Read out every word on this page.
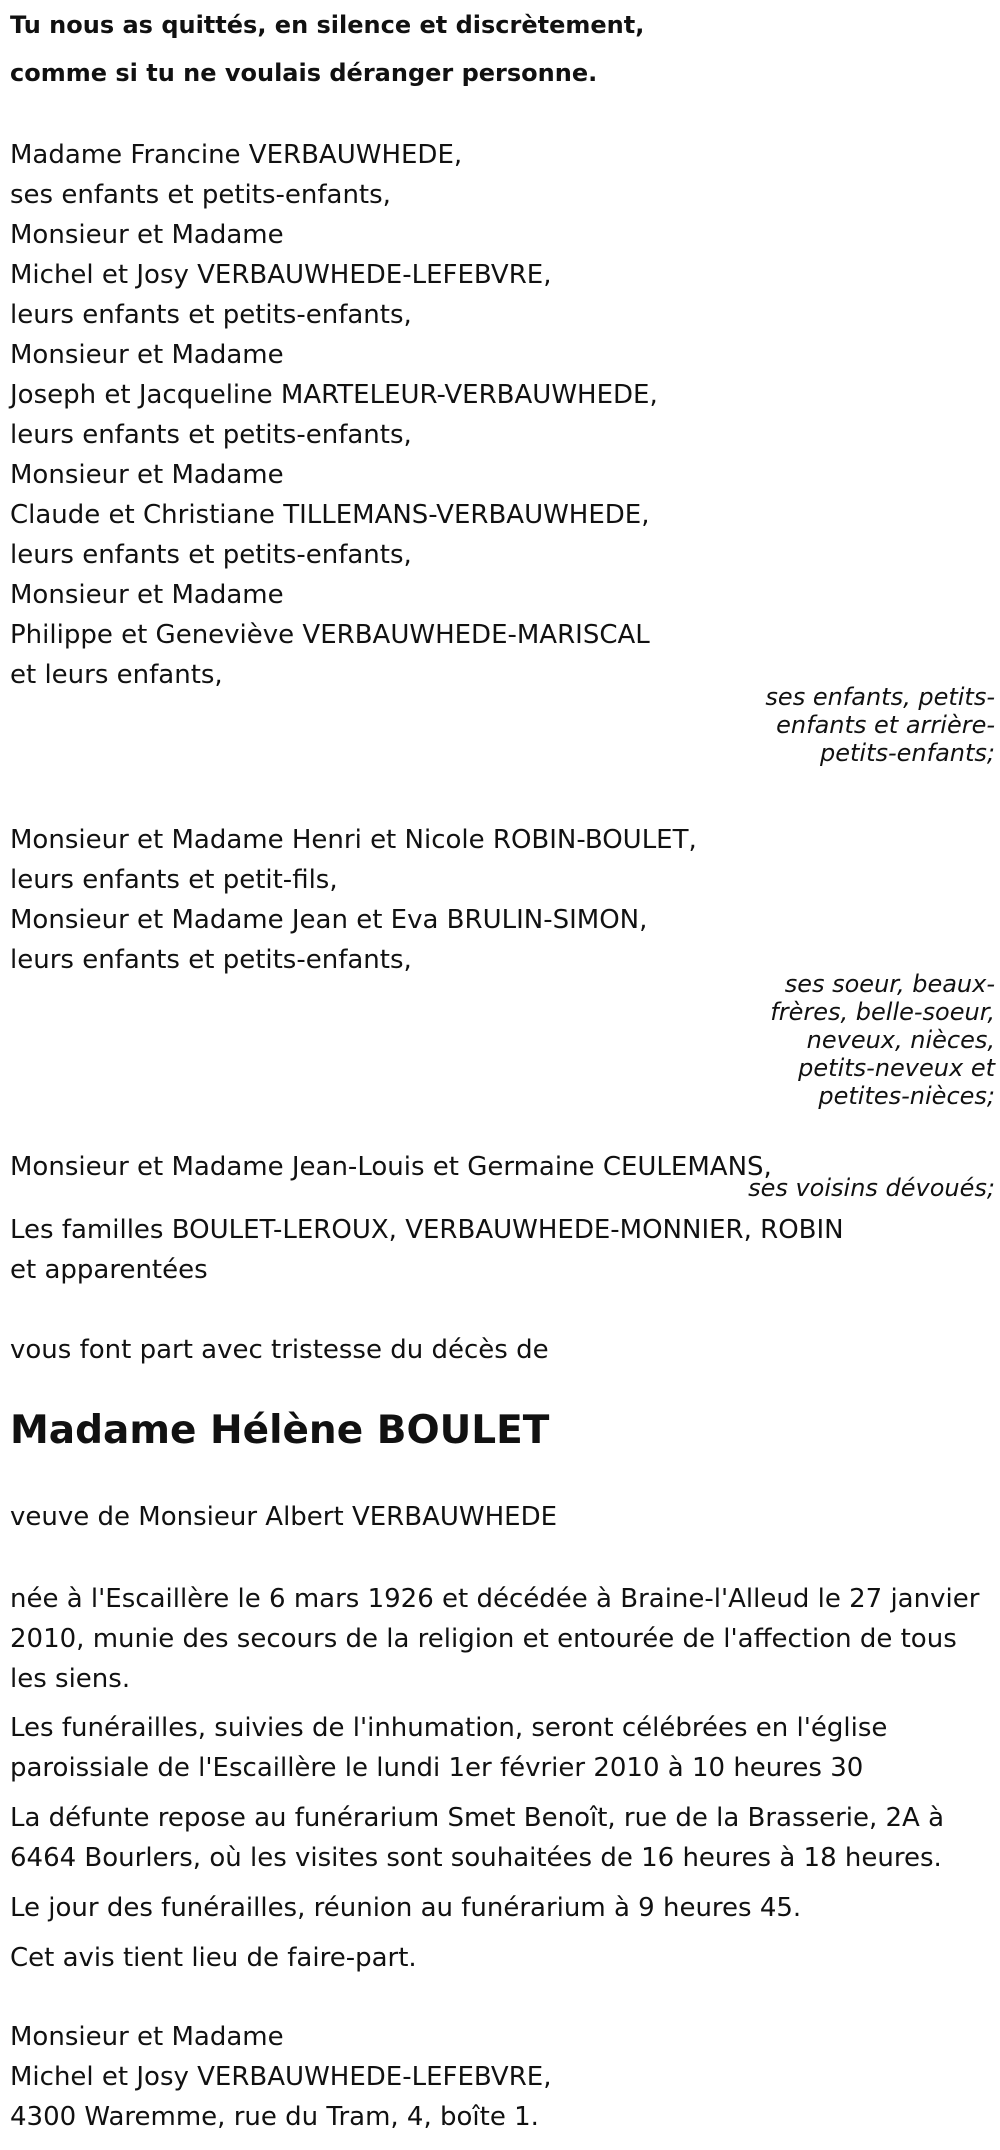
Tu nous as quittés, en silence et discrètement,
comme si tu ne voulais déranger personne.
Madame Francine VERBAUWHEDE,
ses enfants et petits-enfants,
Monsieur et Madame
Michel et Josy VERBAUWHEDE-LEFEBVRE,
leurs enfants et petits-enfants,
Monsieur et Madame
Joseph et Jacqueline MARTELEUR-VERBAUWHEDE,
leurs enfants et petits-enfants,
Monsieur et Madame
Claude et Christiane TILLEMANS-VERBAUWHEDE,
leurs enfants et petits-enfants,
Monsieur et Madame
Philippe et Geneviève VERBAUWHEDE-MARISCAL
et leurs enfants,
ses enfants, petits-enfants et arrière-petits-enfants;
Monsieur et Madame Henri et Nicole ROBIN-BOULET,
leurs enfants et petit-fils,
Monsieur et Madame Jean et Eva BRULIN-SIMON,
leurs enfants et petits-enfants,
ses soeur, beaux-frères, belle-soeur, neveux, nièces, petits-neveux et petites-nièces;
Monsieur et Madame Jean-Louis et Germaine CEULEMANS,
ses voisins dévoués;
Les familles BOULET-LEROUX, VERBAUWHEDE-MONNIER, ROBIN
et apparentées
vous font part avec tristesse du décès de
Madame Hélène BOULET
veuve de Monsieur Albert VERBAUWHEDE
née à l'Escaillère le 6 mars 1926 et décédée à Braine-l'Alleud le 27 janvier 2010, munie des secours de la religion et entourée de l'affection de tous les siens.
Les funérailles, suivies de l'inhumation, seront célébrées en l'église paroissiale de l'Escaillère le lundi 1er février 2010 à 10 heures 30
La défunte repose au funérarium Smet Benoît, rue de la Brasserie, 2A à 6464 Bourlers, où les visites sont souhaitées de 16 heures à 18 heures.
Le jour des funérailles, réunion au funérarium à 9 heures 45.
Cet avis tient lieu de faire-part.
Monsieur et Madame
Michel et Josy VERBAUWHEDE-LEFEBVRE,
4300 Waremme, rue du Tram, 4, boîte 1.
